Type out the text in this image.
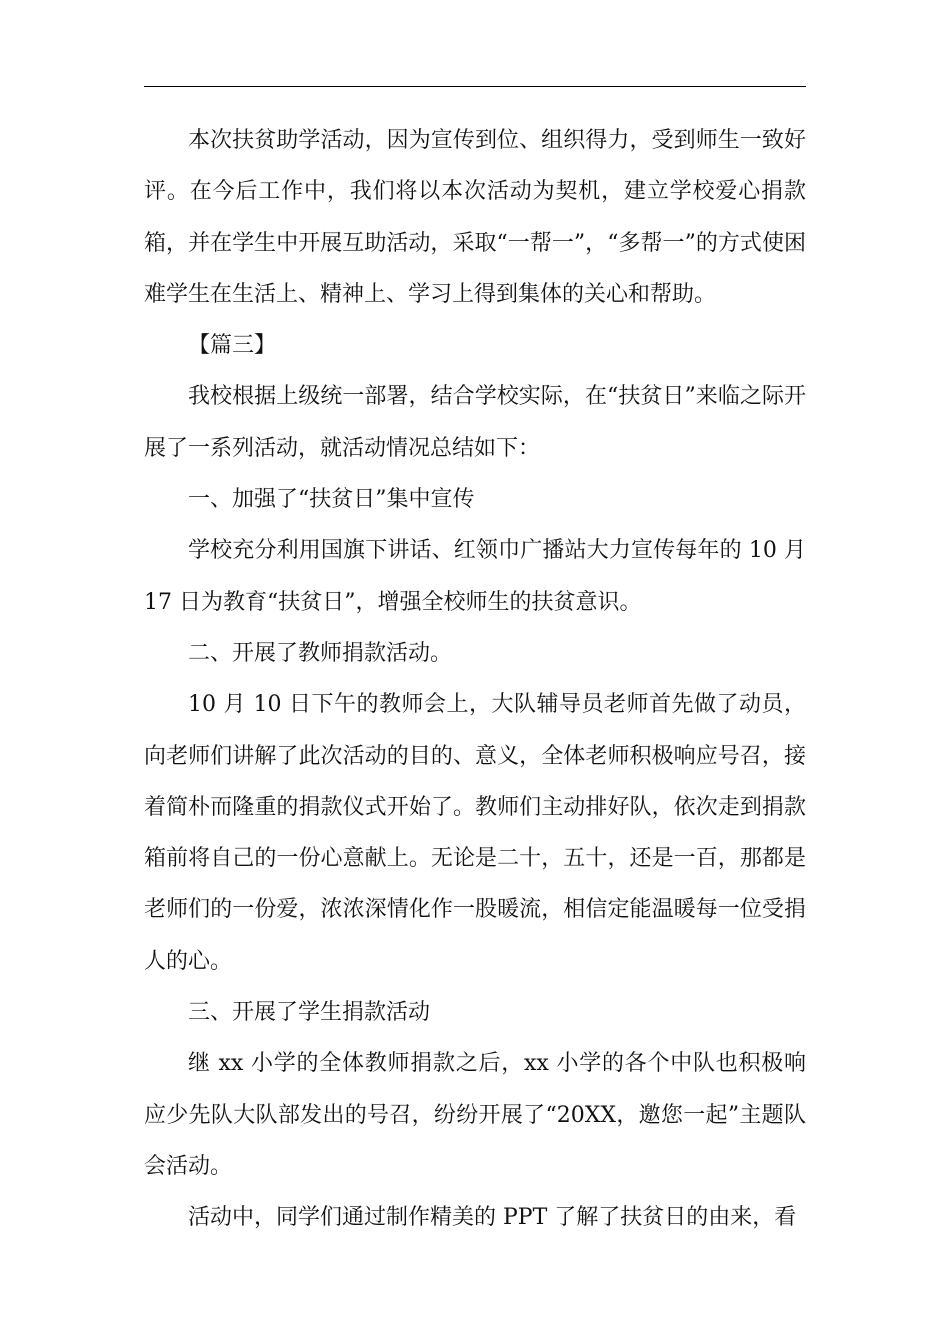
本次扶贫助学活动，因为宣传到位、组织得力，受到师生一致好评。在今后工作中，我们将以本次活动为契机，建立学校爱心捐款箱，并在学生中开展互助活动，采取“一帮一”，“多帮一”的方式使困难学生在生活上、精神上、学习上得到集体的关心和帮助。

【篇三】

我校根据上级统一部署，结合学校实际，在“扶贫日”来临之际开展了一系列活动，就活动情况总结如下：

一、加强了“扶贫日”集中宣传

学校充分利用国旗下讲话、红领巾广播站大力宣传每年的 10 月 17 日为教育“扶贫日”，增强全校师生的扶贫意识。

二、开展了教师捐款活动。

10 月 10 日下午的教师会上，大队辅导员老师首先做了动员，向老师们讲解了此次活动的目的、意义，全体老师积极响应号召，接着简朴而隆重的捐款仪式开始了。教师们主动排好队，依次走到捐款箱前将自己的一份心意献上。无论是二十，五十，还是一百，那都是老师们的一份爱，浓浓深情化作一股暖流，相信定能温暖每一位受捐人的心。

三、开展了学生捐款活动

继 xx 小学的全体教师捐款之后，xx 小学的各个中队也积极响应少先队大队部发出的号召，纷纷开展了“20XX，邀您一起”主题队会活动。

活动中，同学们通过制作精美的 PPT 了解了扶贫日的由来，看
